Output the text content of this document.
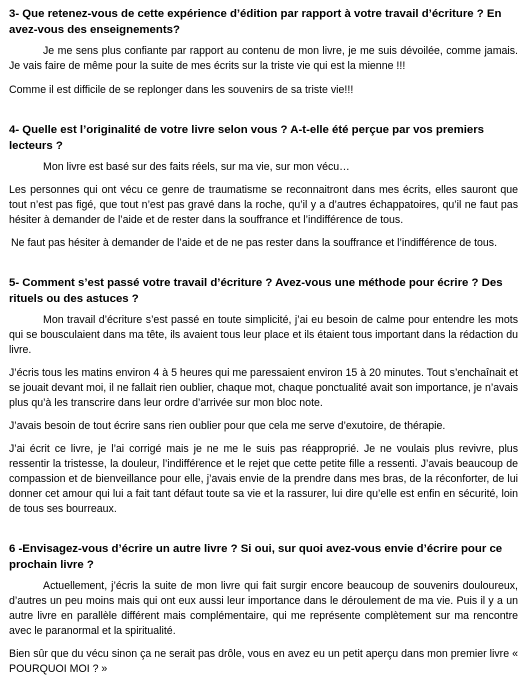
3- Que retenez-vous de cette expérience d’édition par rapport à votre travail d’écriture ? En avez-vous des enseignements?

Je me sens plus confiante par rapport au contenu de mon livre, je me suis dévoilée, comme jamais. Je vais faire de même pour la suite de mes écrits sur la triste vie qui est la mienne !!!

Comme il est difficile de se replonger dans les souvenirs de sa triste vie!!!

4- Quelle est l’originalité de votre livre selon vous ? A-t-elle été perçue par vos premiers lecteurs ?

Mon livre est basé sur des faits réels, sur ma vie, sur mon vécu…

Les personnes qui ont vécu ce genre de traumatisme se reconnaitront dans mes écrits, elles sauront que tout n’est pas figé, que tout n’est pas gravé dans la roche, qu’il y a d’autres échappatoires, qu’il ne faut pas hésiter à demander de l’aide et de rester dans la souffrance et l’indifférence de tous.

Ne faut pas hésiter à demander de l’aide et de ne pas rester dans la souffrance et l’indifférence de tous.

5- Comment s’est passé votre travail d’écriture ? Avez-vous une méthode pour écrire ? Des rituels ou des astuces ?

Mon travail d’écriture s’est passé en toute simplicité, j’ai eu besoin de calme pour entendre les mots qui se bousculaient dans ma tête, ils avaient tous leur place et ils étaient tous important dans la rédaction du livre.

J’écris tous les matins environ 4 à 5 heures qui me paressaient environ 15 à 20 minutes. Tout s’enchaînait et se jouait devant moi, il ne fallait rien oublier, chaque mot, chaque ponctualité avait son importance, je n’avais plus qu’à les transcrire dans leur ordre d’arrivée sur mon bloc note.

J’avais besoin de tout écrire sans rien oublier pour que cela me serve d’exutoire, de thérapie.

J’ai écrit ce livre, je l’ai corrigé mais je ne me le suis pas réapproprié. Je ne voulais plus revivre, plus ressentir la tristesse, la douleur, l’indifférence et le rejet que cette petite fille a ressenti. J’avais beaucoup de compassion et de bienveillance pour elle, j’avais envie de la prendre dans mes bras, de la réconforter, de lui donner cet amour qui lui a fait tant défaut toute sa vie et la rassurer, lui dire qu’elle est enfin en sécurité, loin de tous ses bourreaux.

6 -Envisagez-vous d’écrire un autre livre ? Si oui, sur quoi avez-vous envie d’écrire pour ce prochain livre ?

Actuellement, j’écris la suite de mon livre qui fait surgir encore beaucoup de souvenirs douloureux, d’autres un peu moins mais qui ont eux aussi leur importance dans le déroulement de ma vie. Puis il y a un autre livre en parallèle différent mais complémentaire, qui me représente complètement sur ma rencontre avec le paranormal et la spiritualité.

Bien sûr que du vécu sinon ça ne serait pas drôle, vous en avez eu un petit aperçu dans mon premier livre « POURQUOI MOI ? »
